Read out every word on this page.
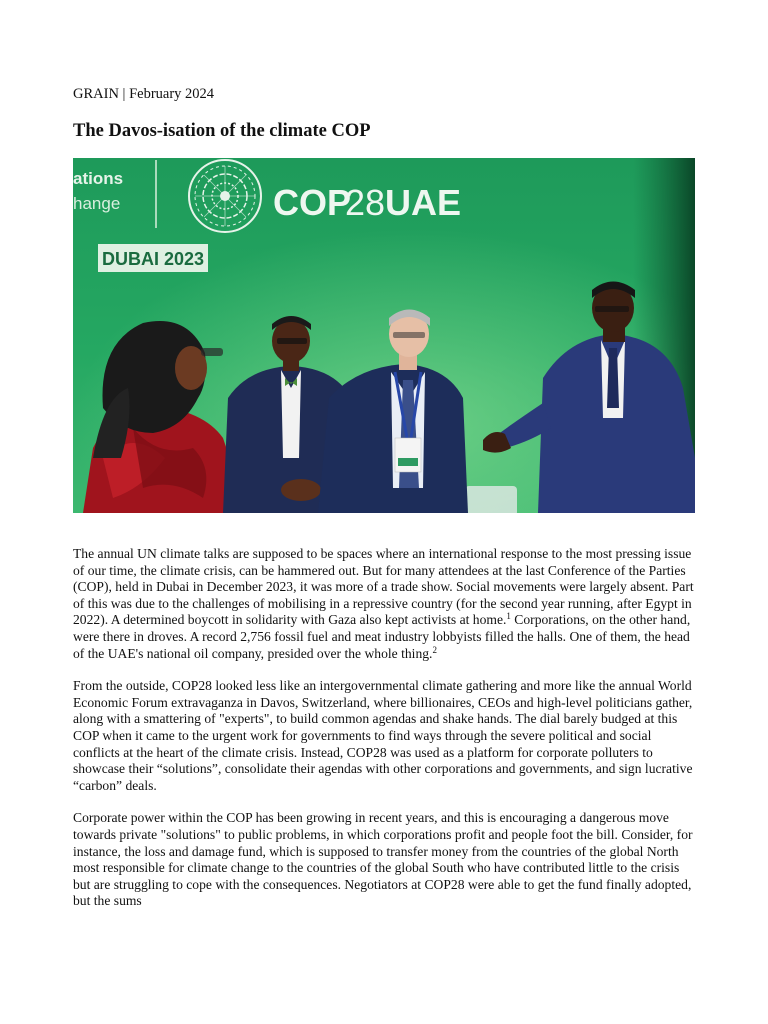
GRAIN | February 2024
The Davos-isation of the climate COP
ations
hange	COP
28 UAE
DUBAI 2023

The annual UN climate talks are supposed to be spaces where an international response to the most pressing issue of our time, the climate crisis, can be hammered out. But for many attendees at the last Conference of the Parties (COP), held in Dubai in December 2023, it was more of a trade show. Social movements were largely absent. Part of this was due to the challenges of mobilising in a repressive country (for the second year running, after Egypt in 2022). A determined boycott in solidarity with Gaza also kept activists at home.$^1$ Corporations, on the other hand, were there in droves. A record 2,756 fossil fuel and meat industry lobbyists filled the halls. One of them, the head of the UAE's national oil company, presided over the whole thing.$^2$

From the outside, COP28 looked less like an intergovernmental climate gathering and more like the annual World Economic Forum extravaganza in Davos, Switzerland, where billionaires, CEOs and high-level politicians gather, along with a smattering of "experts", to build common agendas and shake hands. The dial barely budged at this COP when it came to the urgent work for governments to find ways through the severe political and social conflicts at the heart of the climate crisis. Instead, COP28 was used as a platform for corporate polluters to showcase their “solutions”, consolidate their agendas with other corporations and governments, and sign lucrative “carbon” deals.

Corporate power within the COP has been growing in recent years, and this is encouraging a dangerous move towards private "solutions" to public problems, in which corporations profit and people foot the bill. Consider, for instance, the loss and damage fund, which is supposed to transfer money from the countries of the global North most responsible for climate change to the countries of the global South who have contributed little to the crisis but are struggling to cope with the consequences. Negotiators at COP28 were able to get the fund finally adopted, but the sums
